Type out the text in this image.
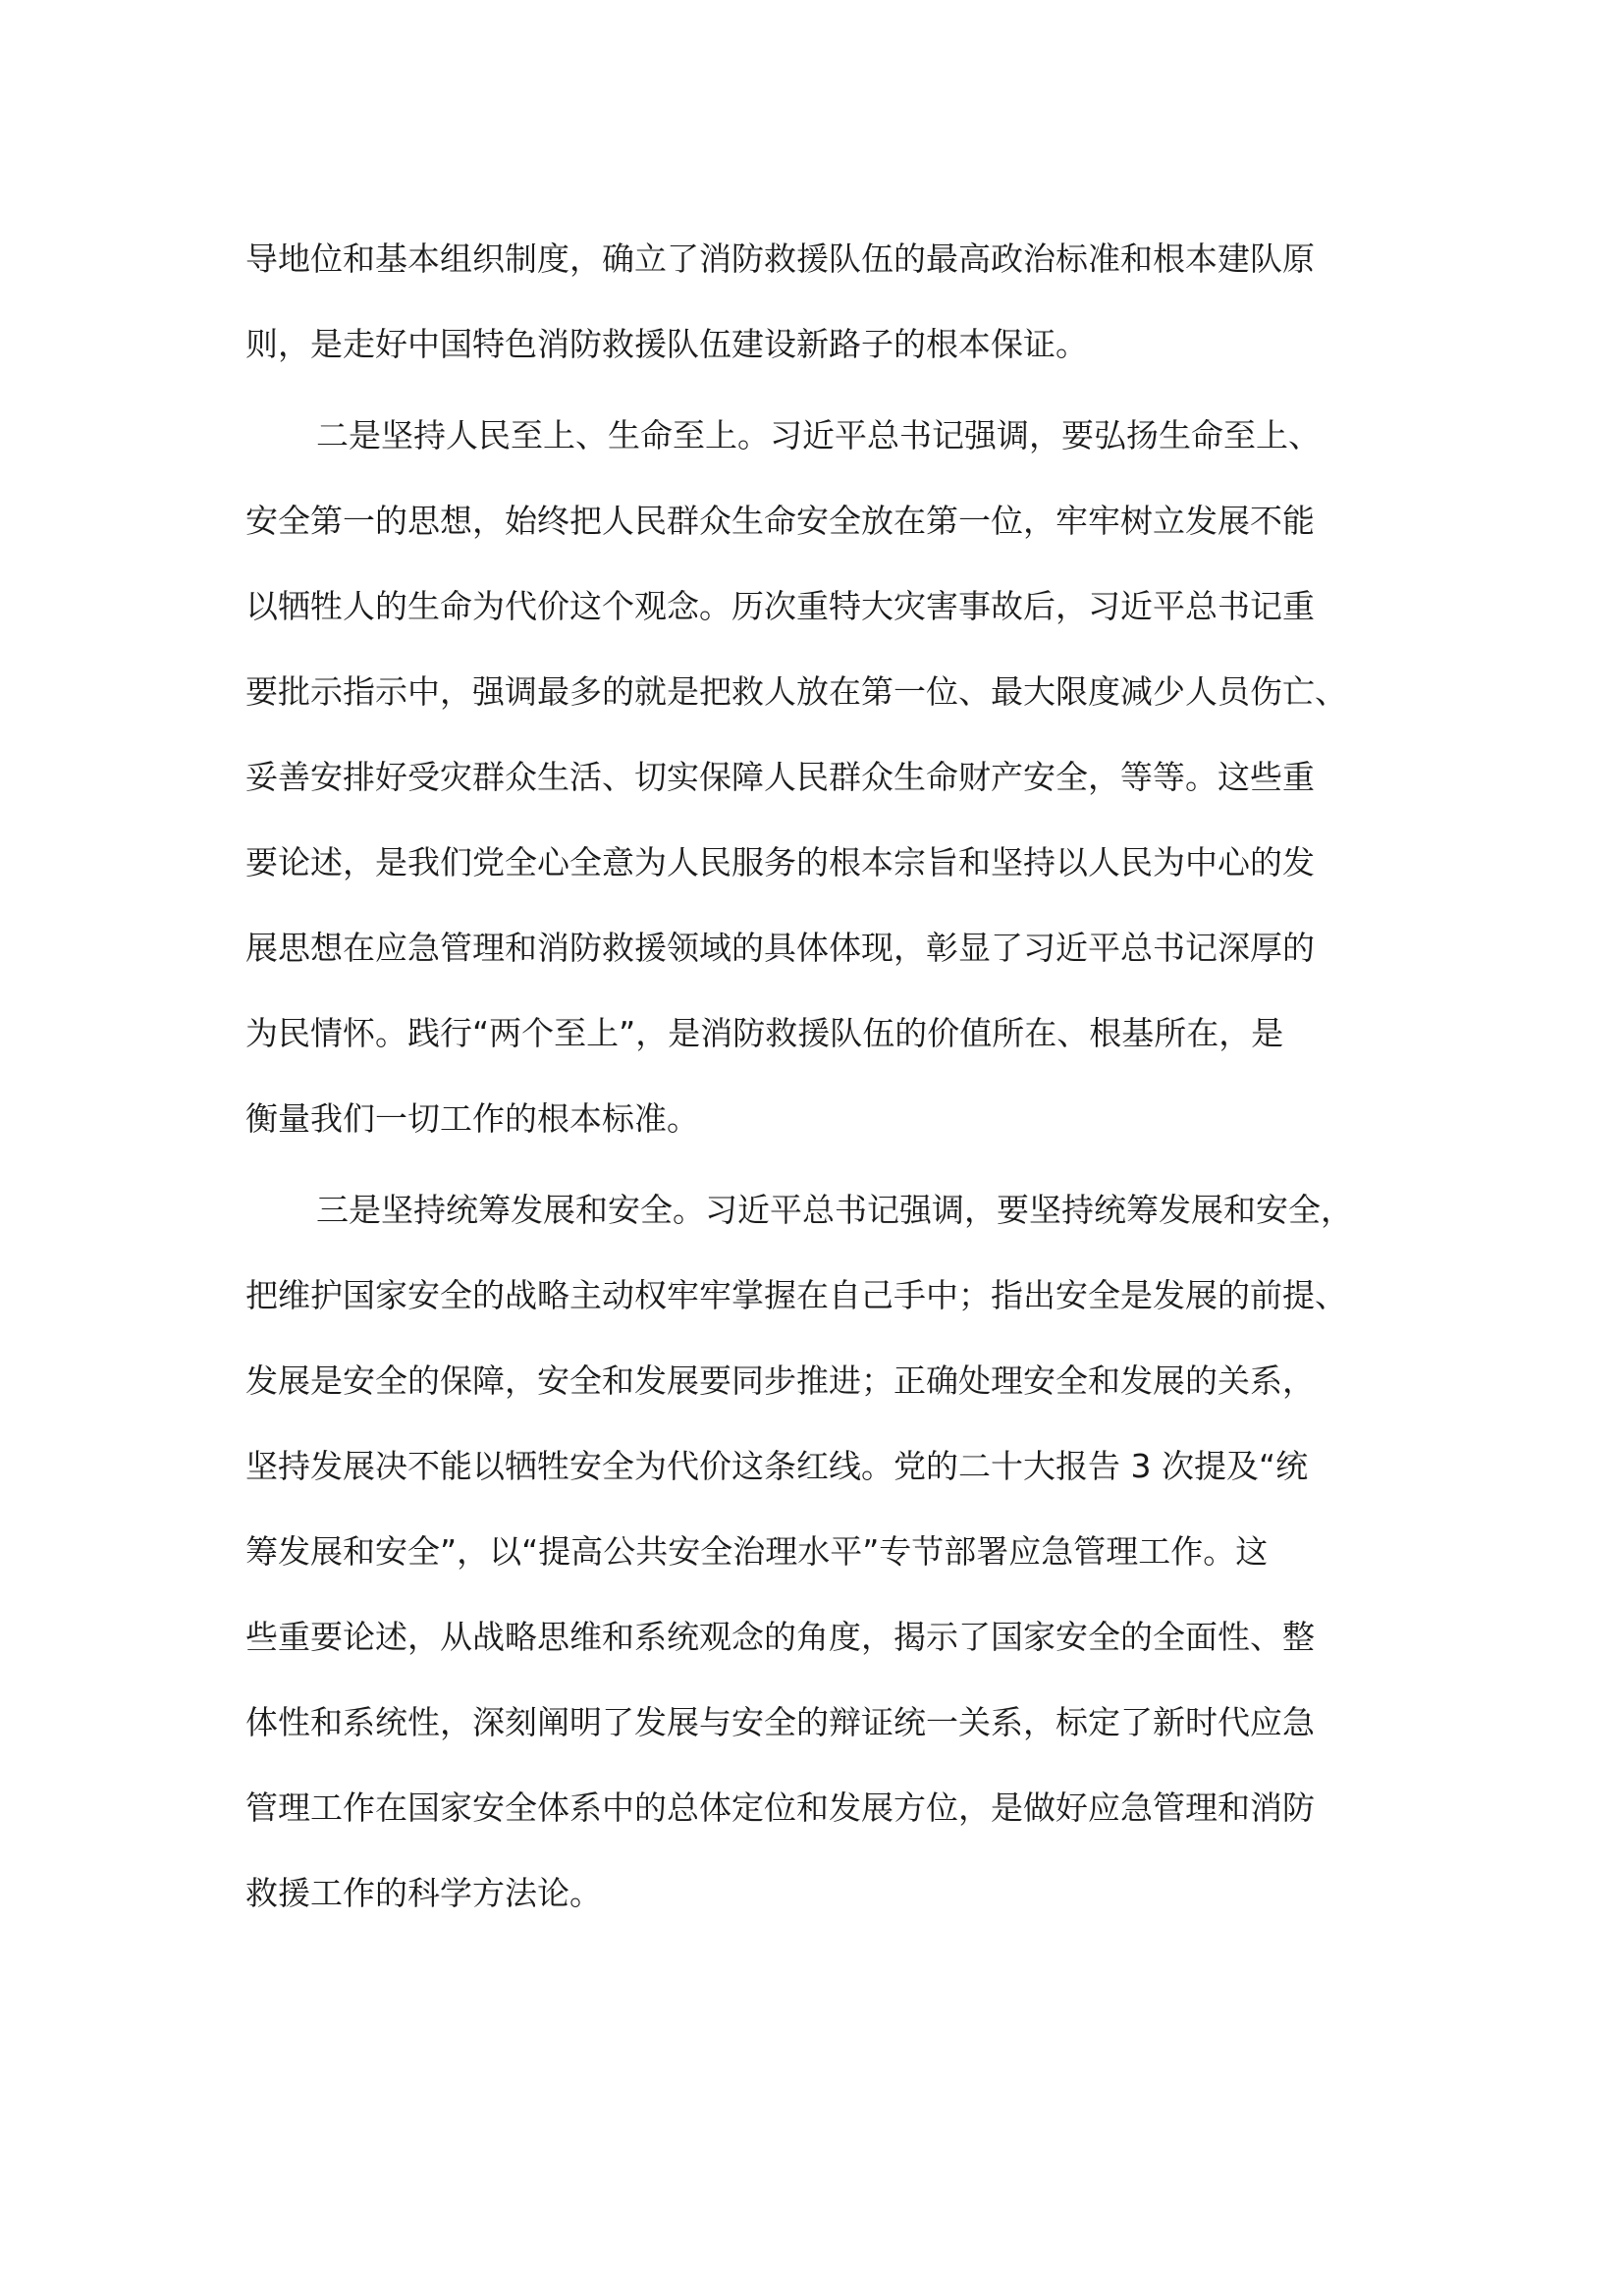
导地位和基本组织制度，确立了消防救援队伍的最高政治标准和根本建队原
则，是走好中国特色消防救援队伍建设新路子的根本保证。
二是坚持人民至上、生命至上。习近平总书记强调，要弘扬生命至上、
安全第一的思想，始终把人民群众生命安全放在第一位，牢牢树立发展不能
以牺牲人的生命为代价这个观念。历次重特大灾害事故后，习近平总书记重
要批示指示中，强调最多的就是把救人放在第一位、最大限度减少人员伤亡、
妥善安排好受灾群众生活、切实保障人民群众生命财产安全，等等。这些重
要论述，是我们党全心全意为人民服务的根本宗旨和坚持以人民为中心的发
展思想在应急管理和消防救援领域的具体体现，彰显了习近平总书记深厚的
为民情怀。践行“两个至上”，是消防救援队伍的价值所在、根基所在，是
衡量我们一切工作的根本标准。
三是坚持统筹发展和安全。习近平总书记强调，要坚持统筹发展和安全，
把维护国家安全的战略主动权牢牢掌握在自己手中；指出安全是发展的前提、
发展是安全的保障，安全和发展要同步推进；正确处理安全和发展的关系，
坚持发展决不能以牺牲安全为代价这条红线。党的二十大报告 3 次提及“统
筹发展和安全”，以“提高公共安全治理水平”专节部署应急管理工作。这
些重要论述，从战略思维和系统观念的角度，揭示了国家安全的全面性、整
体性和系统性，深刻阐明了发展与安全的辩证统一关系，标定了新时代应急
管理工作在国家安全体系中的总体定位和发展方位，是做好应急管理和消防
救援工作的科学方法论。
